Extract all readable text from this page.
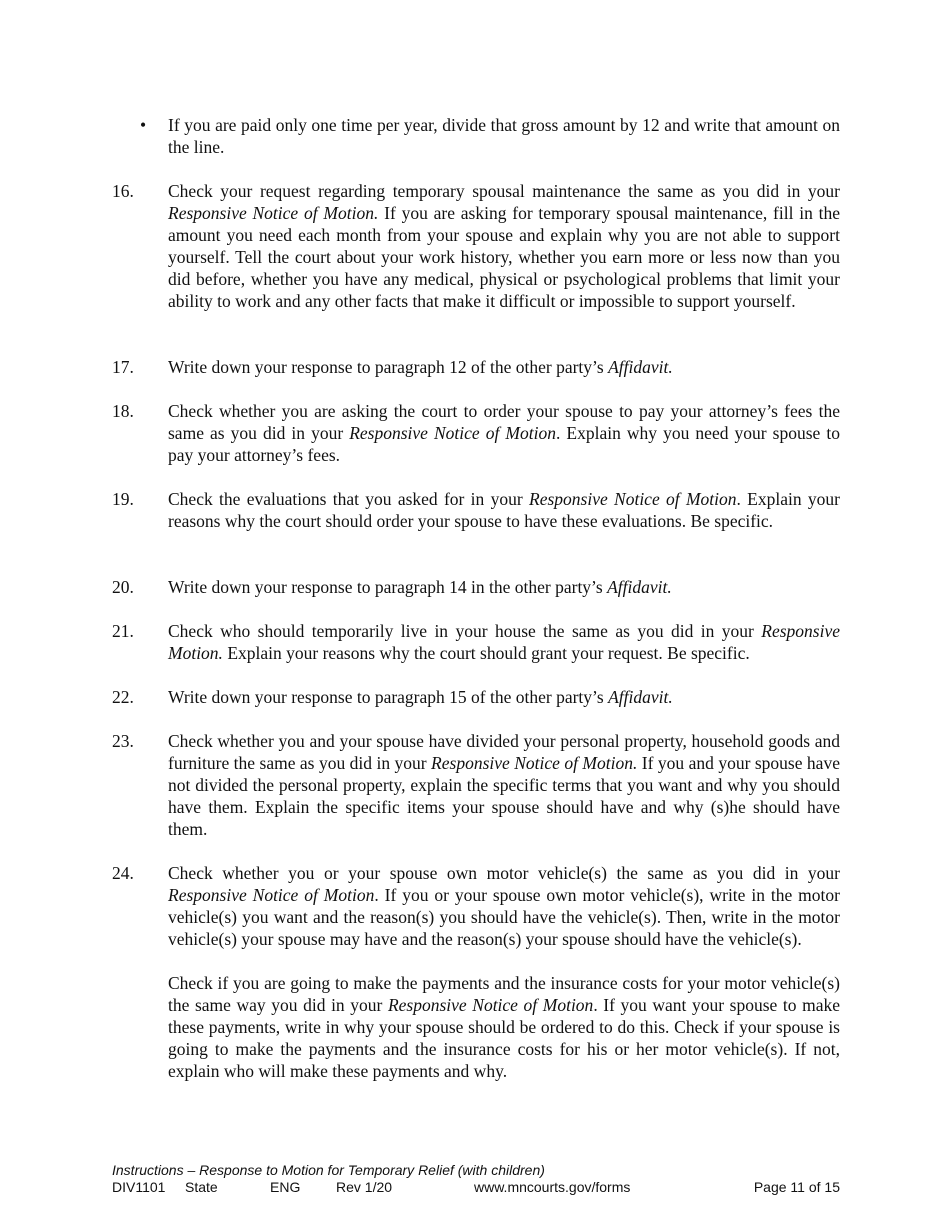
• If you are paid only one time per year, divide that gross amount by 12 and write that amount on the line.
16. Check your request regarding temporary spousal maintenance the same as you did in your Responsive Notice of Motion. If you are asking for temporary spousal maintenance, fill in the amount you need each month from your spouse and explain why you are not able to support yourself. Tell the court about your work history, whether you earn more or less now than you did before, whether you have any medical, physical or psychological problems that limit your ability to work and any other facts that make it difficult or impossible to support yourself.

17. Write down your response to paragraph 12 of the other party’s Affidavit.

18. Check whether you are asking the court to order your spouse to pay your attorney’s fees the same as you did in your Responsive Notice of Motion. Explain why you need your spouse to pay your attorney’s fees.

19. Check the evaluations that you asked for in your Responsive Notice of Motion. Explain your reasons why the court should order your spouse to have these evaluations. Be specific.

20. Write down your response to paragraph 14 in the other party’s Affidavit.

21. Check who should temporarily live in your house the same as you did in your Responsive Motion. Explain your reasons why the court should grant your request. Be specific.

22. Write down your response to paragraph 15 of the other party’s Affidavit.

23. Check whether you and your spouse have divided your personal property, household goods and furniture the same as you did in your Responsive Notice of Motion. If you and your spouse have not divided the personal property, explain the specific terms that you want and why you should have them. Explain the specific items your spouse should have and why (s)he should have them.

24. Check whether you or your spouse own motor vehicle(s) the same as you did in your Responsive Notice of Motion. If you or your spouse own motor vehicle(s), write in the motor vehicle(s) you want and the reason(s) you should have the vehicle(s). Then, write in the motor vehicle(s) your spouse may have and the reason(s) your spouse should have the vehicle(s).

Check if you are going to make the payments and the insurance costs for your motor vehicle(s) the same way you did in your Responsive Notice of Motion. If you want your spouse to make these payments, write in why your spouse should be ordered to do this. Check if your spouse is going to make the payments and the insurance costs for his or her motor vehicle(s). If not, explain who will make these payments and why.

Instructions – Response to Motion for Temporary Relief (with children)
DIV1101 State	ENG	Rev 1/20	www.mncourts.gov/forms	Page 11 of 15
